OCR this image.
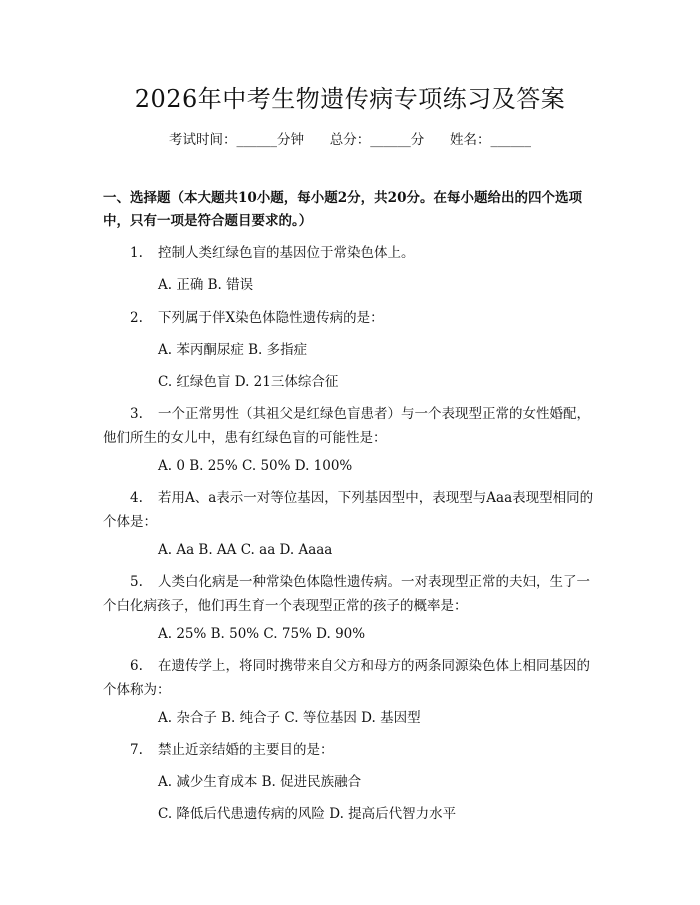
2026年中考生物遗传病专项练习及答案
考试时间：______分钟      总分：______分      姓名：______
一、选择题（本大题共10小题，每小题2分，共20分。在每小题给出的四个选项中，只有一项是符合题目要求的。）
1. 控制人类红绿色盲的基因位于常染色体上。
A. 正确 B. 错误
2. 下列属于伴X染色体隐性遗传病的是：
A. 苯丙酮尿症 B. 多指症
C. 红绿色盲 D. 21三体综合征
3.	一个正常男性（其祖父是红绿色盲患者）与一个表现型正常的女性婚配，他们所生的女儿中，患有红绿色盲的可能性是：
A. 0 B. 25% C. 50% D. 100%
4.	若用A、a表示一对等位基因，下列基因型中，表现型与Aaa表现型相同的个体是：
A. Aa B. AA C. aa D. Aaaa
5.	人类白化病是一种常染色体隐性遗传病。一对表现型正常的夫妇，生了一个白化病孩子，他们再生育一个表现型正常的孩子的概率是：
A. 25% B. 50% C. 75% D. 90%
6.	在遗传学上，将同时携带来自父方和母方的两条同源染色体上相同基因的个体称为：
A. 杂合子 B. 纯合子 C. 等位基因 D. 基因型
7. 禁止近亲结婚的主要目的是：
A. 减少生育成本 B. 促进民族融合
C. 降低后代患遗传病的风险 D. 提高后代智力水平
